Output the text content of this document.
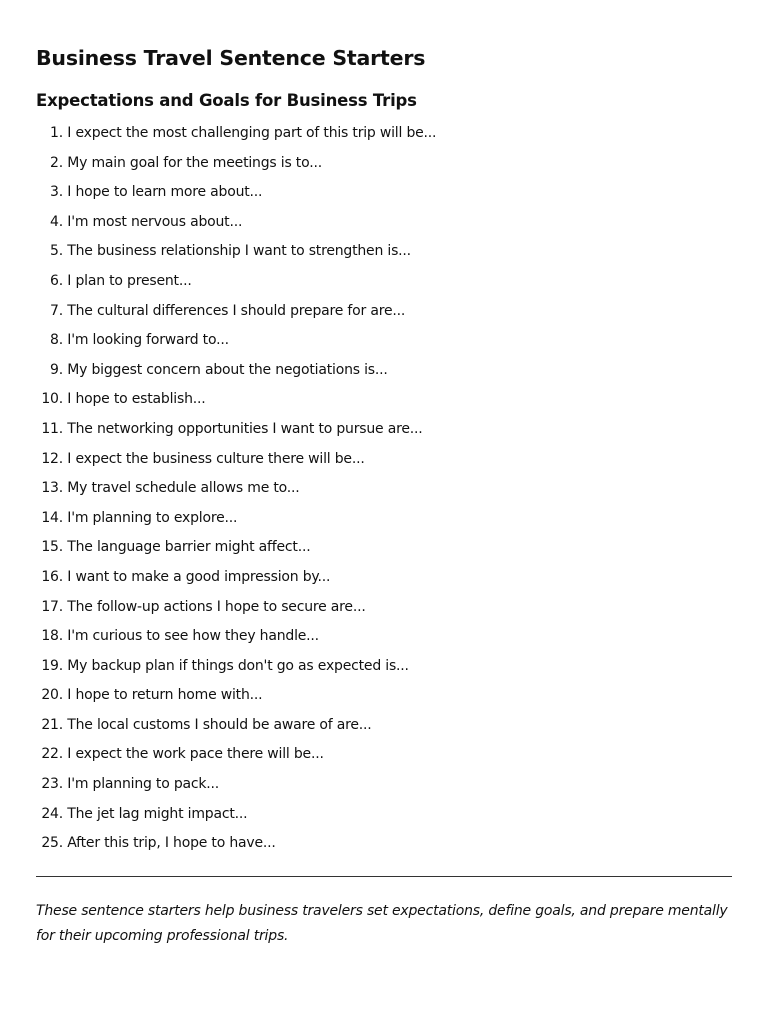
Business Travel Sentence Starters
Expectations and Goals for Business Trips
1.
I expect the most challenging part of this trip will be...
2.
My main goal for the meetings is to...
3.
I hope to learn more about...
4.
I'm most nervous about...
5.
The business relationship I want to strengthen is...
6.
I plan to present...
7.
The cultural differences I should prepare for are...
8.
I'm looking forward to...
9.
My biggest concern about the negotiations is...
10.
I hope to establish...
11.
The networking opportunities I want to pursue are...
12.
I expect the business culture there will be...
13.
My travel schedule allows me to...
14.
I'm planning to explore...
15.
The language barrier might affect...
16.
I want to make a good impression by...
17.
The follow-up actions I hope to secure are...
18.
I'm curious to see how they handle...
19.
My backup plan if things don't go as expected is...
20.
I hope to return home with...
21.
The local customs I should be aware of are...
22.
I expect the work pace there will be...
23.
I'm planning to pack...
24.
The jet lag might impact...
25.
After this trip, I hope to have...

These sentence starters help business travelers set expectations, define goals, and prepare mentally for their upcoming professional trips.
